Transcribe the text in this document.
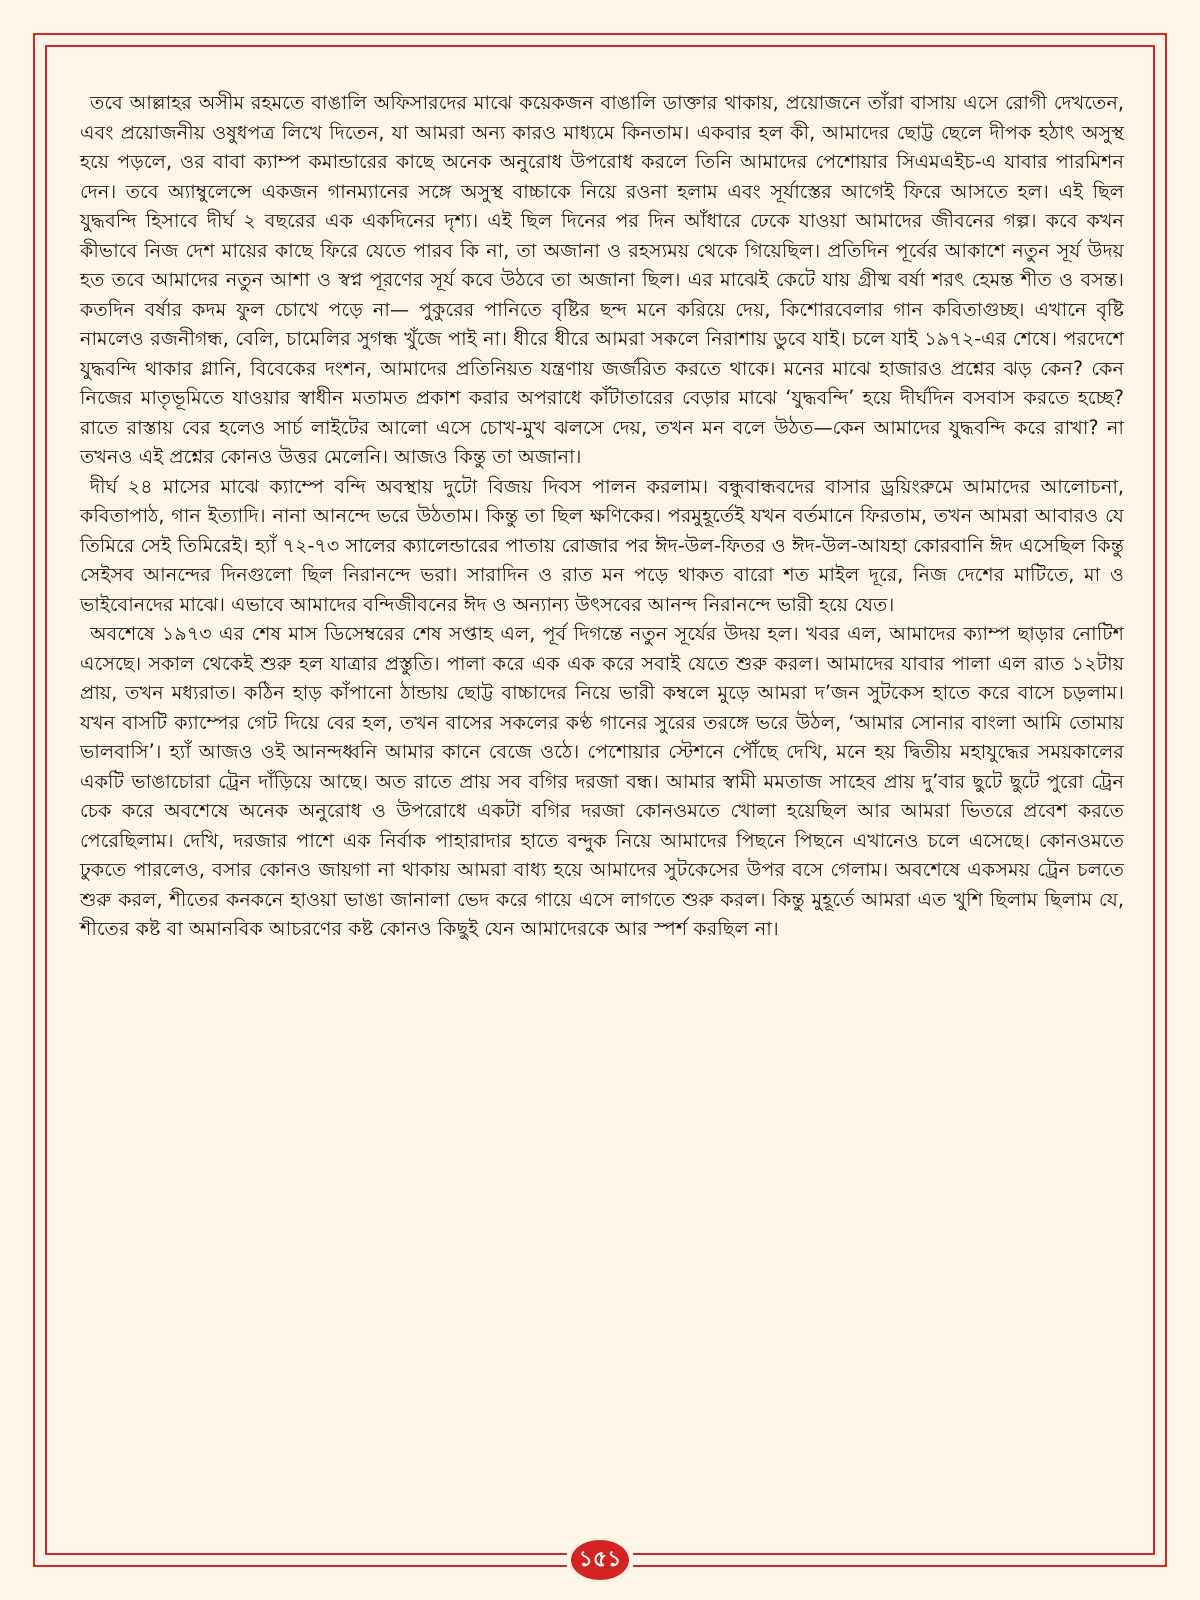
তবে আল্লাহর অসীম রহমতে বাঙালি অফিসারদের মাঝে কয়েকজন বাঙালি ডাক্তার থাকায়, প্রয়োজনে তাঁরা বাসায় এসে রোগী দেখতেন, এবং প্রয়োজনীয় ওষুধপত্র লিখে দিতেন, যা আমরা অন্য কারও মাধ্যমে কিনতাম। একবার হল কী, আমাদের ছোট্ট ছেলে দীপক হঠাৎ অসুস্থ হয়ে পড়লে, ওর বাবা ক্যাম্প কমান্ডারের কাছে অনেক অনুরোধ উপরোধ করলে তিনি আমাদের পেশোয়ার সিএমএইচ-এ যাবার পারমিশন দেন। তবে অ্যাম্বুলেন্সে একজন গানম্যানের সঙ্গে অসুস্থ বাচ্চাকে নিয়ে রওনা হলাম এবং সূর্যাস্তের আগেই ফিরে আসতে হল। এই ছিল যুদ্ধবন্দি হিসাবে দীর্ঘ ২ বছরের এক একদিনের দৃশ্য। এই ছিল দিনের পর দিন আঁধারে ঢেকে যাওয়া আমাদের জীবনের গল্প। কবে কখন কীভাবে নিজ দেশ মায়ের কাছে ফিরে যেতে পারব কি না, তা অজানা ও রহস্যময় থেকে গিয়েছিল। প্রতিদিন পূর্বের আকাশে নতুন সূর্য উদয় হত তবে আমাদের নতুন আশা ও স্বপ্ন পূরণের সূর্য কবে উঠবে তা অজানা ছিল। এর মাঝেই কেটে যায় গ্রীষ্ম বর্ষা শরৎ হেমন্ত শীত ও বসন্ত। কতদিন বর্ষার কদম ফুল চোখে পড়ে না— পুকুরের পানিতে বৃষ্টির ছন্দ মনে করিয়ে দেয়, কিশোরবেলার গান কবিতাগুচ্ছ। এখানে বৃষ্টি নামলেও রজনীগন্ধ, বেলি, চামেলির সুগন্ধ খুঁজে পাই না। ধীরে ধীরে আমরা সকলে নিরাশায় ডুবে যাই। চলে যাই ১৯৭২-এর শেষে। পরদেশে যুদ্ধবন্দি থাকার গ্লানি, বিবেকের দংশন, আমাদের প্রতিনিয়ত যন্ত্রণায় জর্জরিত করতে থাকে। মনের মাঝে হাজারও প্রশ্নের ঝড় কেন? কেন নিজের মাতৃভূমিতে যাওয়ার স্বাধীন মতামত প্রকাশ করার অপরাধে কাঁটাতারের বেড়ার মাঝে ‘যুদ্ধবন্দি’ হয়ে দীর্ঘদিন বসবাস করতে হচ্ছে? রাতে রাস্তায় বের হলেও সার্চ লাইটের আলো এসে চোখ-মুখ ঝলসে দেয়, তখন মন বলে উঠত—কেন আমাদের যুদ্ধবন্দি করে রাখা? না তখনও এই প্রশ্নের কোনও উত্তর মেলেনি। আজও কিন্তু তা অজানা।

দীর্ঘ ২৪ মাসের মাঝে ক্যাম্পে বন্দি অবস্থায় দুটো বিজয় দিবস পালন করলাম। বন্ধুবান্ধবদের বাসার ড্রয়িংরুমে আমাদের আলোচনা, কবিতাপাঠ, গান ইত্যাদি। নানা আনন্দে ভরে উঠতাম। কিন্তু তা ছিল ক্ষণিকের। পরমুহূর্তেই যখন বর্তমানে ফিরতাম, তখন আমরা আবারও যে তিমিরে সেই তিমিরেই। হ্যাঁ ৭২-৭৩ সালের ক্যালেন্ডারের পাতায় রোজার পর ঈদ-উল-ফিতর ও ঈদ-উল-আযহা কোরবানি ঈদ এসেছিল কিন্তু সেইসব আনন্দের দিনগুলো ছিল নিরানন্দে ভরা। সারাদিন ও রাত মন পড়ে থাকত বারো শত মাইল দূরে, নিজ দেশের মাটিতে, মা ও ভাইবোনদের মাঝে। এভাবে আমাদের বন্দিজীবনের ঈদ ও অন্যান্য উৎসবের আনন্দ নিরানন্দে ভারী হয়ে যেত।

অবশেষে ১৯৭৩ এর শেষ মাস ডিসেম্বরের শেষ সপ্তাহ এল, পূর্ব দিগন্তে নতুন সূর্যের উদয় হল। খবর এল, আমাদের ক্যাম্প ছাড়ার নোটিশ এসেছে। সকাল থেকেই শুরু হল যাত্রার প্রস্তুতি। পালা করে এক এক করে সবাই যেতে শুরু করল। আমাদের যাবার পালা এল রাত ১২টায় প্রায়, তখন মধ্যরাত। কঠিন হাড় কাঁপানো ঠান্ডায় ছোট্ট বাচ্চাদের নিয়ে ভারী কম্বলে মুড়ে আমরা দ’জন সুটকেস হাতে করে বাসে চড়লাম। যখন বাসটি ক্যাম্পের গেট দিয়ে বের হল, তখন বাসের সকলের কণ্ঠ গানের সুরের তরঙ্গে ভরে উঠল, ‘আমার সোনার বাংলা আমি তোমায় ভালবাসি’। হ্যাঁ আজও ওই আনন্দধ্বনি আমার কানে বেজে ওঠে। পেশোয়ার স্টেশনে পৌঁছে দেখি, মনে হয় দ্বিতীয় মহাযুদ্ধের সময়কালের একটি ভাঙাচোরা ট্রেন দাঁড়িয়ে আছে। অত রাতে প্রায় সব বগির দরজা বন্ধ। আমার স্বামী মমতাজ সাহেব প্রায় দু’বার ছুটে ছুটে পুরো ট্রেন চেক করে অবশেষে অনেক অনুরোধ ও উপরোধে একটা বগির দরজা কোনওমতে খোলা হয়েছিল আর আমরা ভিতরে প্রবেশ করতে পেরেছিলাম। দেখি, দরজার পাশে এক নির্বাক পাহারাদার হাতে বন্দুক নিয়ে আমাদের পিছনে পিছনে এখানেও চলে এসেছে। কোনওমতে ঢুকতে পারলেও, বসার কোনও জায়গা না থাকায় আমরা বাধ্য হয়ে আমাদের সুটকেসের উপর বসে গেলাম। অবশেষে একসময় ট্রেন চলতে শুরু করল, শীতের কনকনে হাওয়া ভাঙা জানালা ভেদ করে গায়ে এসে লাগতে শুরু করল। কিন্তু মুহূর্তে আমরা এত খুশি ছিলাম ছিলাম যে, শীতের কষ্ট বা অমানবিক আচরণের কষ্ট কোনও কিছুই যেন আমাদেরকে আর স্পর্শ করছিল না।

১৫১
